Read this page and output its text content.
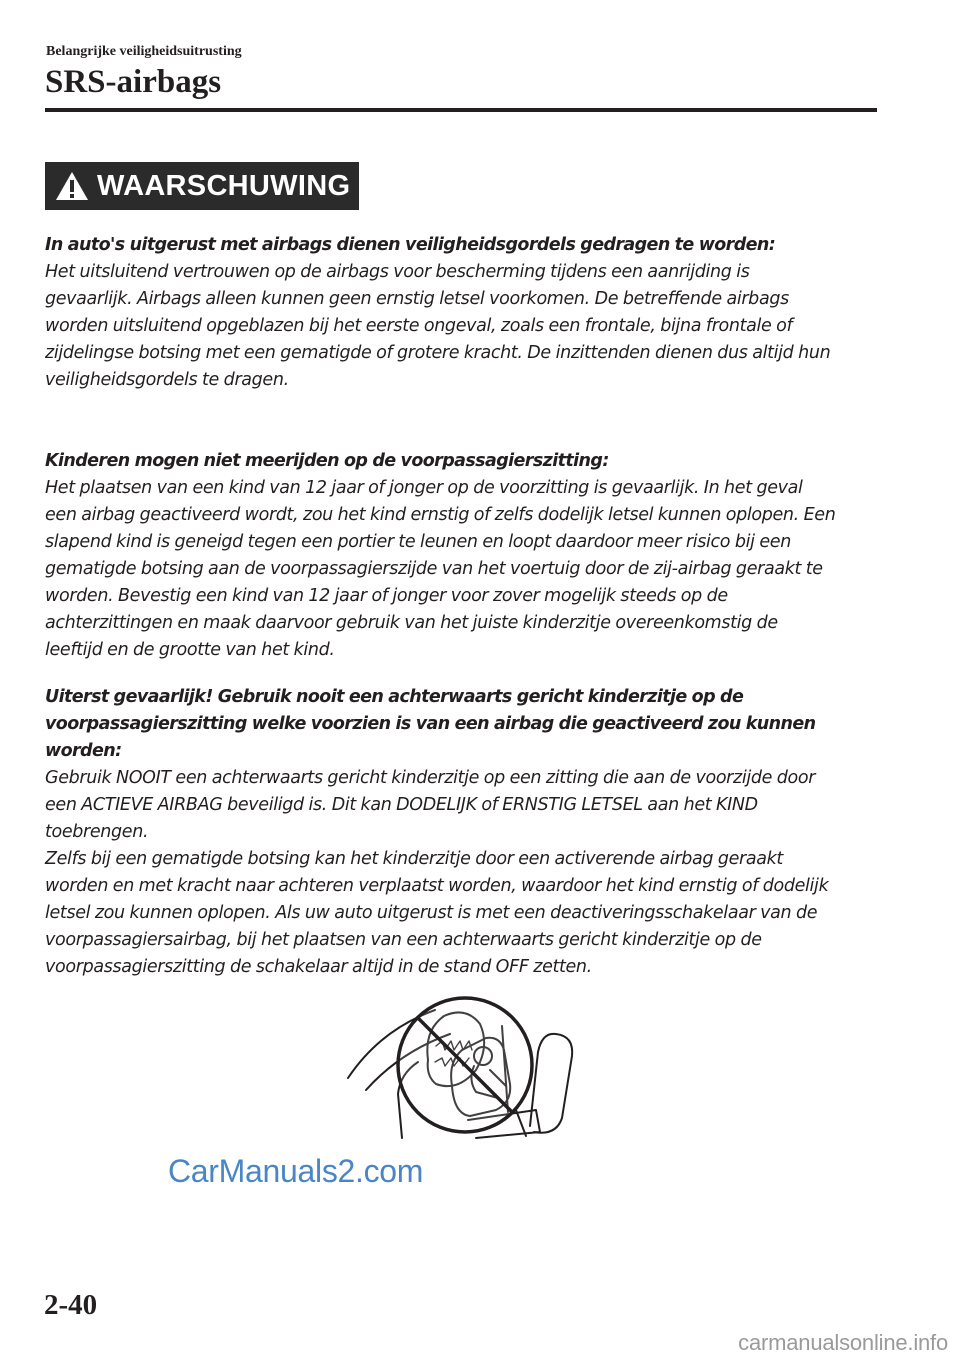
Belangrijke veiligheidsuitrusting
SRS-airbags
WAARSCHUWING

In auto's uitgerust met airbags dienen veiligheidsgordels gedragen te worden:

Het uitsluitend vertrouwen op de airbags voor bescherming tijdens een aanrijding is

gevaarlijk. Airbags alleen kunnen geen ernstig letsel voorkomen. De betreffende airbags

worden uitsluitend opgeblazen bij het eerste ongeval, zoals een frontale, bijna frontale of

zijdelingse botsing met een gematigde of grotere kracht. De inzittenden dienen dus altijd hun

veiligheidsgordels te dragen.

Kinderen mogen niet meerijden op de voorpassagierszitting:

Het plaatsen van een kind van 12 jaar of jonger op de voorzitting is gevaarlijk. In het geval

een airbag geactiveerd wordt, zou het kind ernstig of zelfs dodelijk letsel kunnen oplopen. Een

slapend kind is geneigd tegen een portier te leunen en loopt daardoor meer risico bij een

gematigde botsing aan de voorpassagierszijde van het voertuig door de zij-airbag geraakt te

worden. Bevestig een kind van 12 jaar of jonger voor zover mogelijk steeds op de

achterzittingen en maak daarvoor gebruik van het juiste kinderzitje overeenkomstig de

leeftijd en de grootte van het kind.

Uiterst gevaarlijk! Gebruik nooit een achterwaarts gericht kinderzitje op de

voorpassagierszitting welke voorzien is van een airbag die geactiveerd zou kunnen worden:

Gebruik NOOIT een achterwaarts gericht kinderzitje op een zitting die aan de voorzijde door

een ACTIEVE AIRBAG beveiligd is. Dit kan DODELIJK of ERNSTIG LETSEL aan het KIND

toebrengen.

Zelfs bij een gematigde botsing kan het kinderzitje door een activerende airbag geraakt

worden en met kracht naar achteren verplaatst worden, waardoor het kind ernstig of dodelijk

letsel zou kunnen oplopen. Als uw auto uitgerust is met een deactiveringsschakelaar van de

voorpassagiersairbag, bij het plaatsen van een achterwaarts gericht kinderzitje op de

voorpassagierszitting de schakelaar altijd in de stand OFF zetten.

CarManuals2.com
2-40
carmanualsonline.info
